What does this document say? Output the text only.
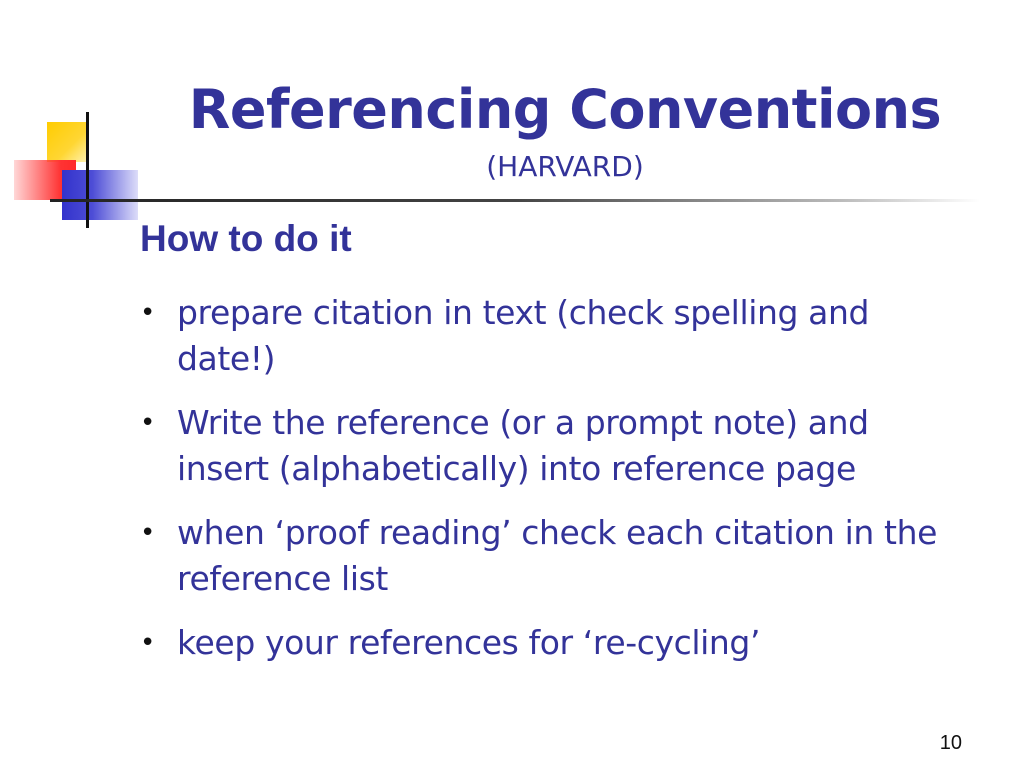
Referencing Conventions
(HARVARD)
How to do it
• prepare citation in text (check spelling and date!)
• Write the reference (or a prompt note) and insert (alphabetically) into reference page
• when ‘proof reading’ check each citation in the reference list
• keep your references for ‘re-cycling’
10
